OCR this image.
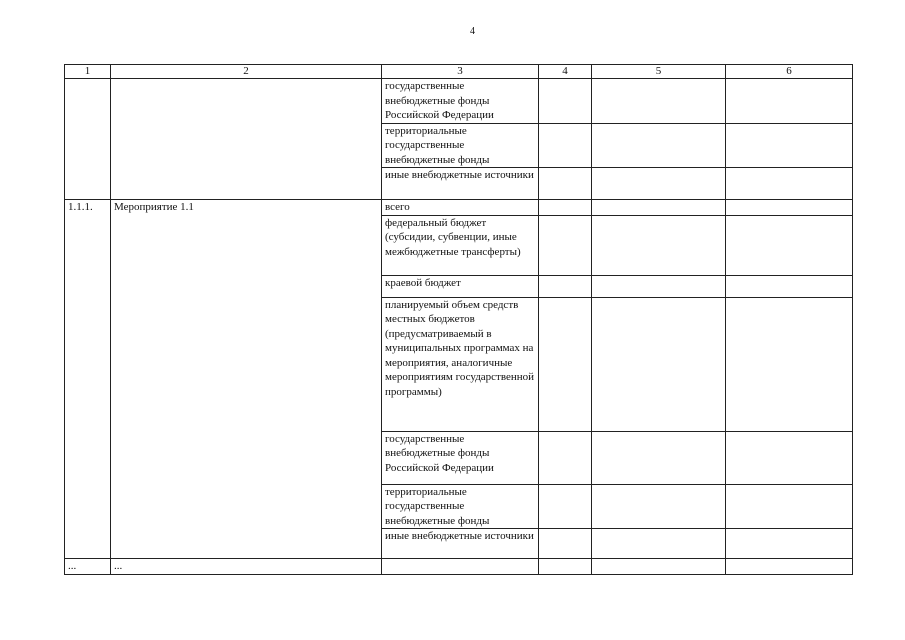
4
1	2	3	4	5	6
		государственные внебюджетные фонды Российской Федерации			
		территориальные государственные внебюджетные фонды			
		иные внебюджетные источники			
1.1.1.	Мероприятие 1.1	всего			
		федеральный бюджет (субсидии, субвенции, иные межбюджетные трансферты)			
		краевой бюджет			
		планируемый объем средств местных бюджетов (предусматриваемый в муниципальных программах на мероприятия, аналогичные мероприятиям государственной программы)			
		государственные внебюджетные фонды Российской Федерации			
		территориальные государственные внебюджетные фонды			
		иные внебюджетные источники			
...	...				
